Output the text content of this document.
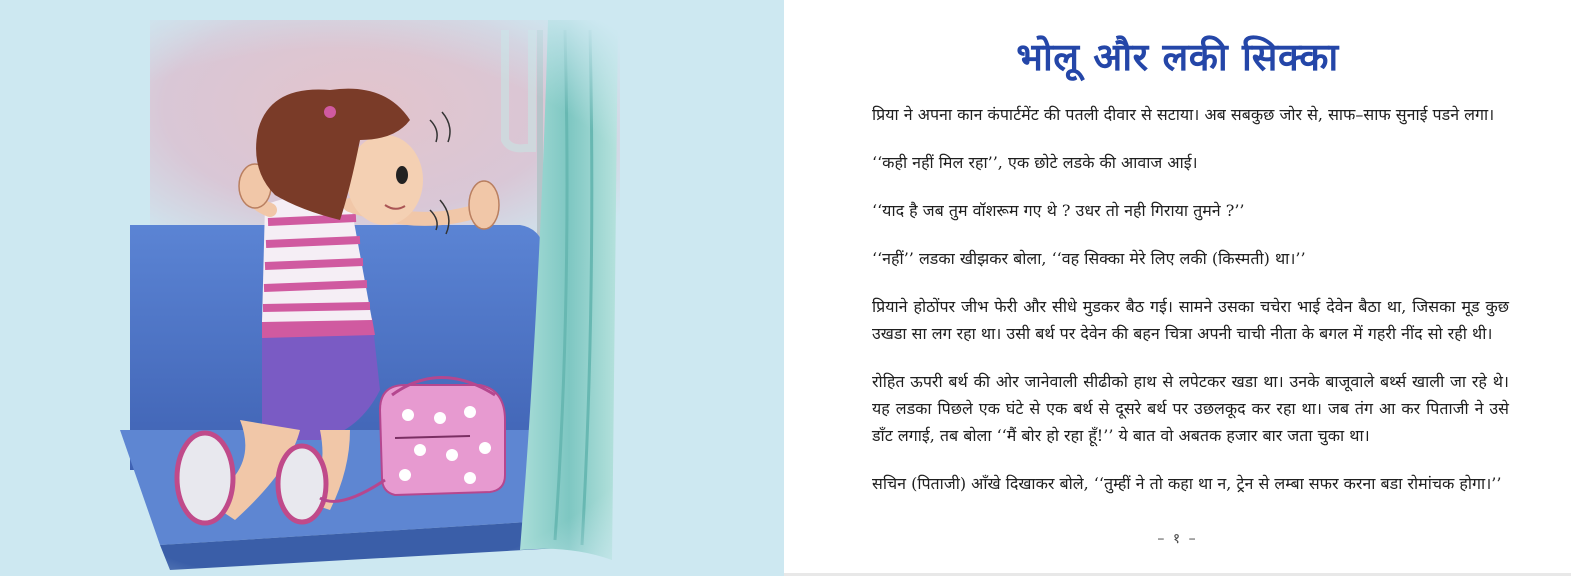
भोलू और लकी सिक्का

प्रिया ने अपना कान कंपार्टमेंट की पतली दीवार से सटाया। अब सबकुछ जोर से, साफ–साफ सुनाई पडने लगा।

‘‘कही नहीं मिल रहा’’, एक छोटे लडके की आवाज आई।

‘‘याद है जब तुम वॉशरूम गए थे ? उधर तो नही गिराया तुमने ?’’

‘‘नहीं’’ लडका खीझकर बोला, ‘‘वह सिक्का मेरे लिए लकी (किस्मती) था।’’

प्रियाने होठोंपर जीभ फेरी और सीधे मुडकर बैठ गई। सामने उसका चचेरा भाई देवेन बैठा था, जिसका मूड कुछ उखडा सा लग रहा था। उसी बर्थ पर देवेन की बहन चित्रा अपनी चाची नीता के बगल में गहरी नींद सो रही थी।

रोहित ऊपरी बर्थ की ओर जानेवाली सीढीको हाथ से लपेटकर खडा था। उनके बाजूवाले बर्थ्स खाली जा रहे थे। यह लडका पिछले एक घंटे से एक बर्थ से दूसरे बर्थ पर उछलकूद कर रहा था। जब तंग आ कर पिताजी ने उसे डाँट लगाई, तब बोला ‘‘मैं बोर हो रहा हूँ!’’ ये बात वो अबतक हजार बार जता चुका था।

सचिन (पिताजी) आँखे दिखाकर बोले, ‘‘तुम्हीं ने तो कहा था न, ट्रेन से लम्बा सफर करना बडा रोमांचक होगा।’’

– १ –
